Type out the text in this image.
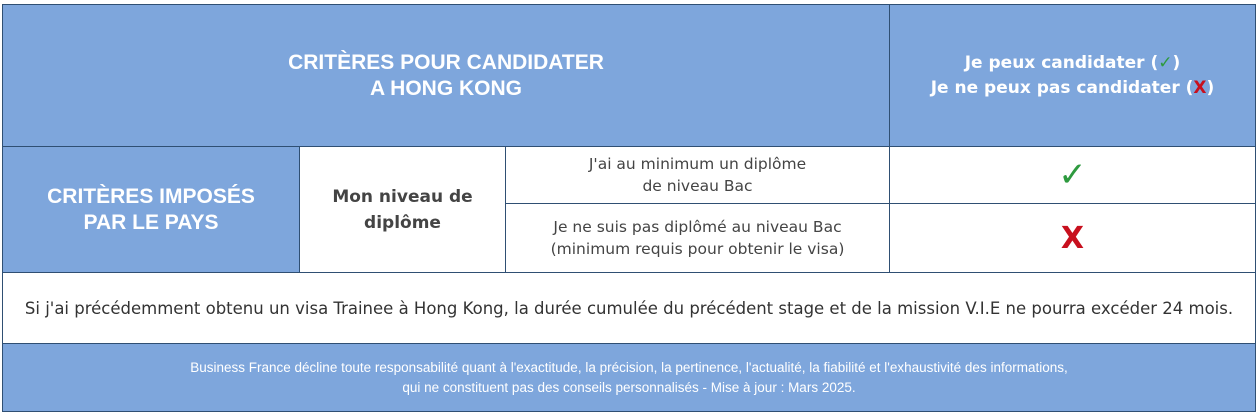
CRITÈRES POUR CANDIDATER
A HONG KONG
Je peux candidater (✓)
Je ne peux pas candidater (X)
CRITÈRES IMPOSÉS
PAR LE PAYS
Mon niveau de
diplôme
J'ai au minimum un diplôme
de niveau Bac	✓
Je ne suis pas diplômé au niveau Bac
(minimum requis pour obtenir le visa)	X
Si j'ai précédemment obtenu un visa Trainee à Hong Kong, la durée cumulée du précédent stage et de la mission V.I.E ne pourra excéder 24 mois.
Business France décline toute responsabilité quant à l'exactitude, la précision, la pertinence, l'actualité, la fiabilité et l'exhaustivité des informations,
qui ne constituent pas des conseils personnalisés - Mise à jour : Mars 2025.
